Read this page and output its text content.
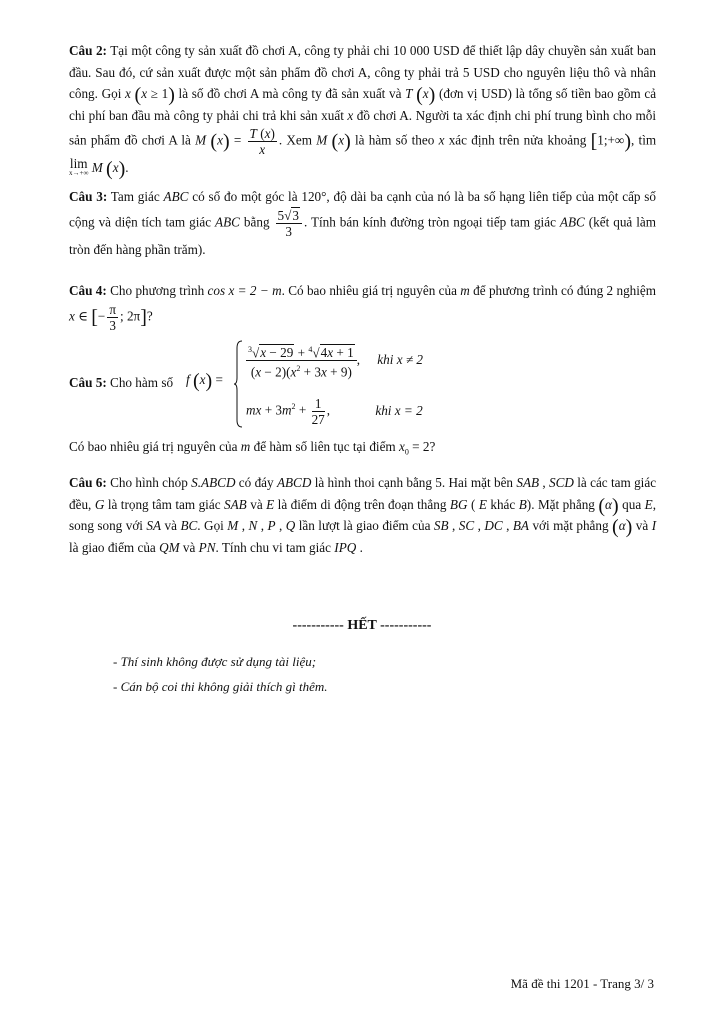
Câu 2: Tại một công ty sản xuất đồ chơi A, công ty phải chi 10 000 USD để thiết lập dây chuyền sản xuất ban đầu. Sau đó, cứ sản xuất được một sản phẩm đồ chơi A, công ty phải trả 5 USD cho nguyên liệu thô và nhân công. Gọi x (x ≥ 1) là số đồ chơi A mà công ty đã sản xuất và T (x) (đơn vị USD) là tổng số tiền bao gồm cả chi phí ban đầu mà công ty phải chi trả khi sản xuất x đồ chơi A. Người ta xác định chi phí trung bình cho mỗi sản phẩm đồ chơi A là M $(x) = \frac{T (x)}{x}$ . Xem M (x) là hàm số theo x xác định trên nửa khoảng [1;+∞), tìm lim
x→+∞ M (x).
Câu 3: Tam giác ABC có số đo một góc là 120°, độ dài ba cạnh của nó là ba số hạng liên tiếp của một cấp số cộng và diện tích tam giác ABC bằng $\frac{5√3}{3}$ . Tính bán kính đường tròn ngoại tiếp tam giác ABC (kết quả làm tròn đến hàng phần trăm).
Câu 4: Cho phương trình cos x = 2 − m. Có bao nhiêu giá trị nguyên của m để phương trình có đúng 2 nghiệm x ∈ [− $\frac{\pi}{3}$ ; 2π]?
Câu 5: Cho hàm số f (x) =	$\frac{^3√x - 29 + ^4√4x + 1}{(x - 2)(x^2 + 3x + 9)}$ , khi x ≠ 2
mx + $3m^2 + \frac{1}{27}$ ,	khi x = 2
Có bao nhiêu giá trị nguyên của m để hàm số liên tục tại điểm $x_0 = 2$?
Câu 6: Cho hình chóp S.ABCD có đáy ABCD là hình thoi cạnh bằng 5. Hai mặt bên SAB , SCD là các tam giác đều, G là trọng tâm tam giác SAB và E là điểm di động trên đoạn thẳng BG ( E khác B). Mặt phẳng (α) qua E, song song với SA và BC. Gọi M , N , P , Q lần lượt là giao điểm của SB , SC , DC , BA với mặt phẳng (α) và I là giao điểm của QM và PN. Tính chu vi tam giác IPQ .
----------- HẾT -----------
- Thí sinh không được sử dụng tài liệu;
- Cán bộ coi thi không giải thích gì thêm.
Mã đề thi 1201 - Trang 3/ 3
